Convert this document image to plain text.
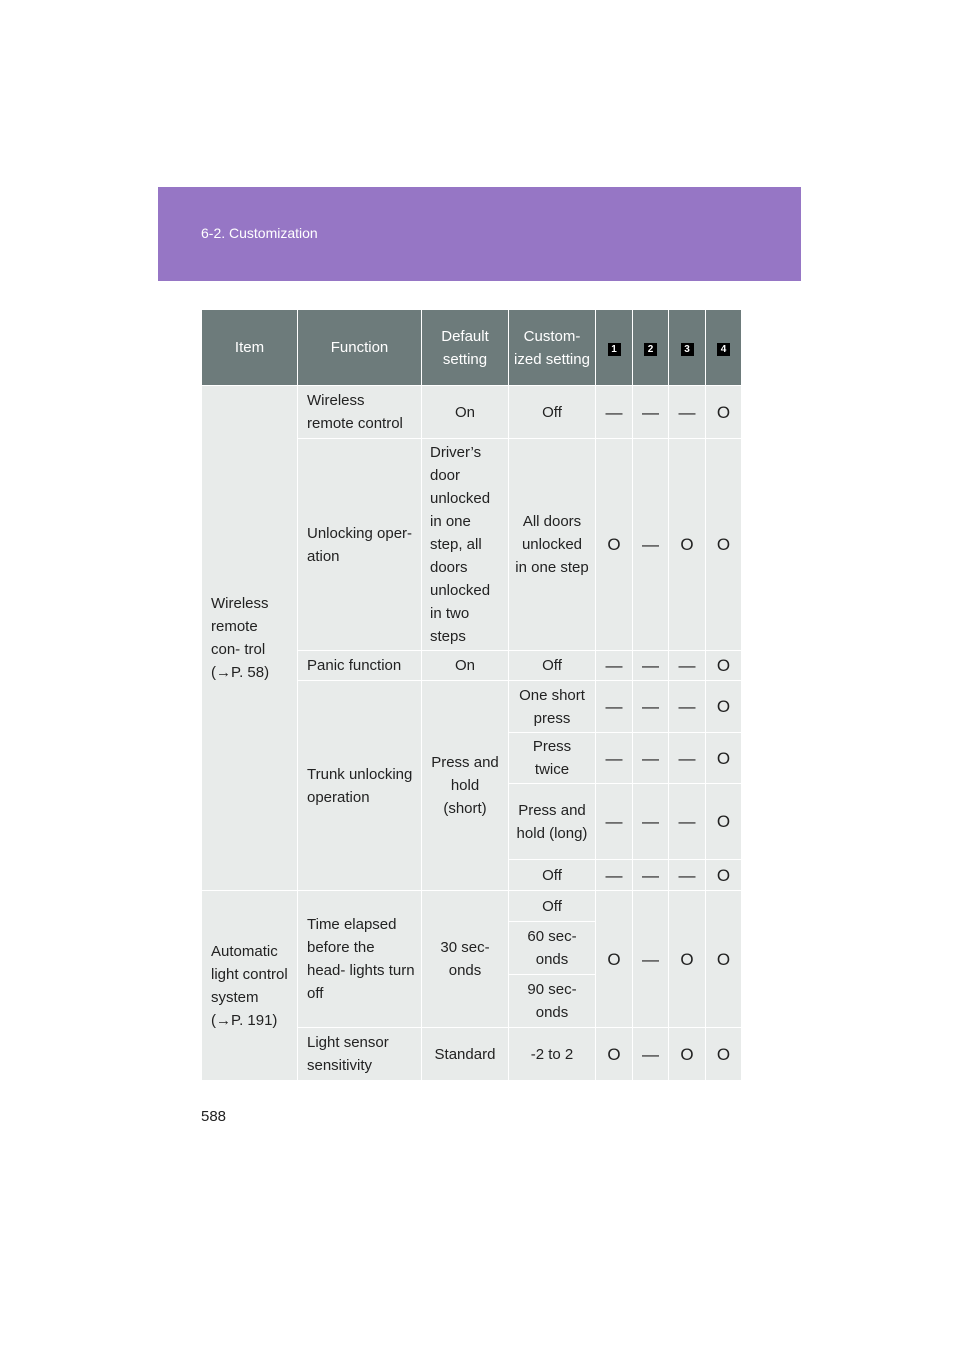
6-2. Customization
Item	Function	Default setting	Custom- ized setting	1	2	3	4
Wireless remote con- trol (→P. 58)	Wireless remote control	On	Off	—	—	—	O
	Unlocking oper- ation	Driver’s door unlocked in one step, all doors unlocked in two steps	All doors unlocked in one step	O	—	O	O
	Panic function	On	Off	—	—	—	O
	Trunk unlocking operation	Press and hold (short)	One short press	—	—	—	O
			Press twice	—	—	—	O
			Press and hold (long)	—	—	—	O
			Off	—	—	—	O
Automatic light control system (→P. 191)	Time elapsed before the head- lights turn off	30 sec- onds	Off	O	—	O	O
			60 sec- onds				
			90 sec- onds				
	Light sensor sensitivity	Standard	-2 to 2	O	—	O	O
588
